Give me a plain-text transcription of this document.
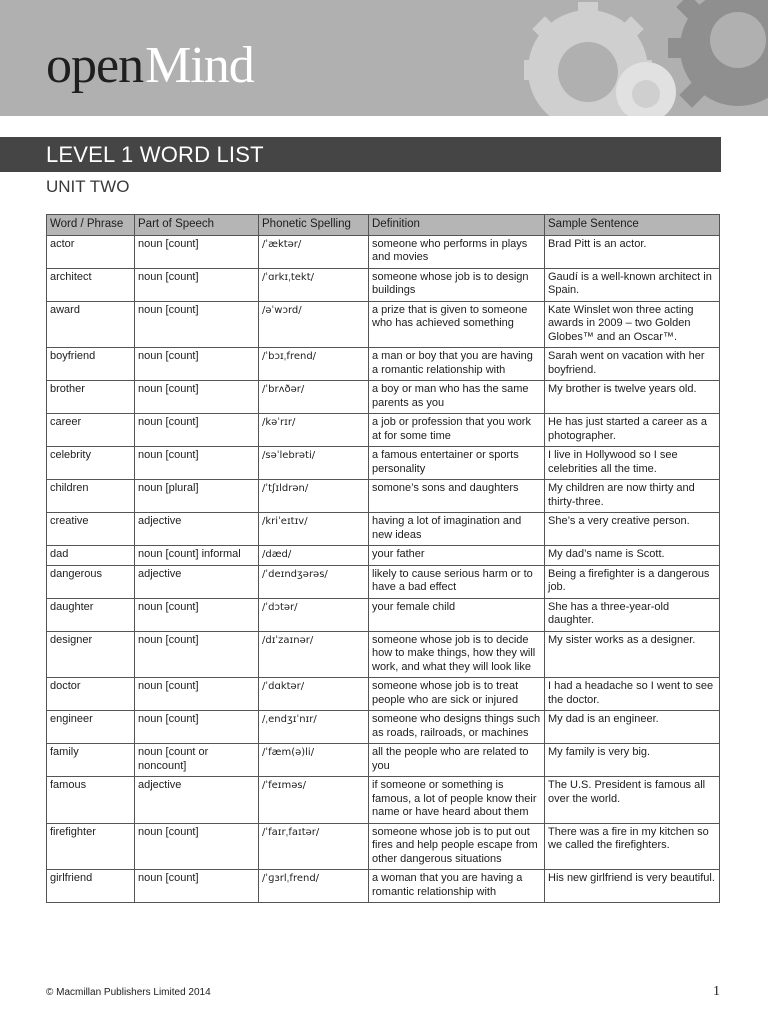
openMind
LEVEL 1 WORD LIST
UNIT TWO
Word / Phrase	Part of Speech	Phonetic Spelling	Definition	Sample Sentence
actor	noun [count]	/ˈæktər/	someone who performs in plays and movies	Brad Pitt is an actor.
architect	noun [count]	/ˈɑrkɪˌtekt/	someone whose job is to design buildings	Gaudí is a well-known architect in Spain.
award	noun [count]	/əˈwɔrd/	a prize that is given to someone who has achieved something	Kate Winslet won three acting awards in 2009 – two Golden Globes™ and an Oscar™.
boyfriend	noun [count]	/ˈbɔɪˌfrend/	a man or boy that you are having a romantic relationship with	Sarah went on vacation with her boyfriend.
brother	noun [count]	/ˈbrʌðər/	a boy or man who has the same parents as you	My brother is twelve years old.
career	noun [count]	/kəˈrɪr/	a job or profession that you work at for some time	He has just started a career as a photographer.
celebrity	noun [count]	/səˈlebrəti/	a famous entertainer or sports personality	I live in Hollywood so I see celebrities all the time.
children	noun [plural]	/ˈtʃɪldrən/	somone’s sons and daughters	My children are now thirty and thirty-three.
creative	adjective	/kriˈeɪtɪv/	having a lot of imagination and new ideas	She’s a very creative person.
dad	noun [count] informal	/dæd/	your father	My dad’s name is Scott.
dangerous	adjective	/ˈdeɪndʒərəs/	likely to cause serious harm or to have a bad effect	Being a firefighter is a dangerous job.
daughter	noun [count]	/ˈdɔtər/	your female child	She has a three-year-old daughter.
designer	noun [count]	/dɪˈzaɪnər/	someone whose job is to decide how to make things, how they will work, and what they will look like	My sister works as a designer.
doctor	noun [count]	/ˈdɑktər/	someone whose job is to treat people who are sick or injured	I had a headache so I went to see the doctor.
engineer	noun [count]	/ˌendʒɪˈnɪr/	someone who designs things such as roads, railroads, or machines	My dad is an engineer.
family	noun [count or noncount]	/ˈfæm(ə)li/	all the people who are related to you	My family is very big.
famous	adjective	/ˈfeɪməs/	if someone or something is famous, a lot of people know their name or have heard about them	The U.S. President is famous all over the world.
firefighter	noun [count]	/ˈfaɪrˌfaɪtər/	someone whose job is to put out fires and help people escape from other dangerous situations	There was a fire in my kitchen so we called the firefighters.
girlfriend	noun [count]	/ˈɡɜrlˌfrend/	a woman that you are having a romantic relationship with	His new girlfriend is very beautiful.
© Macmillan Publishers Limited 2014	1
